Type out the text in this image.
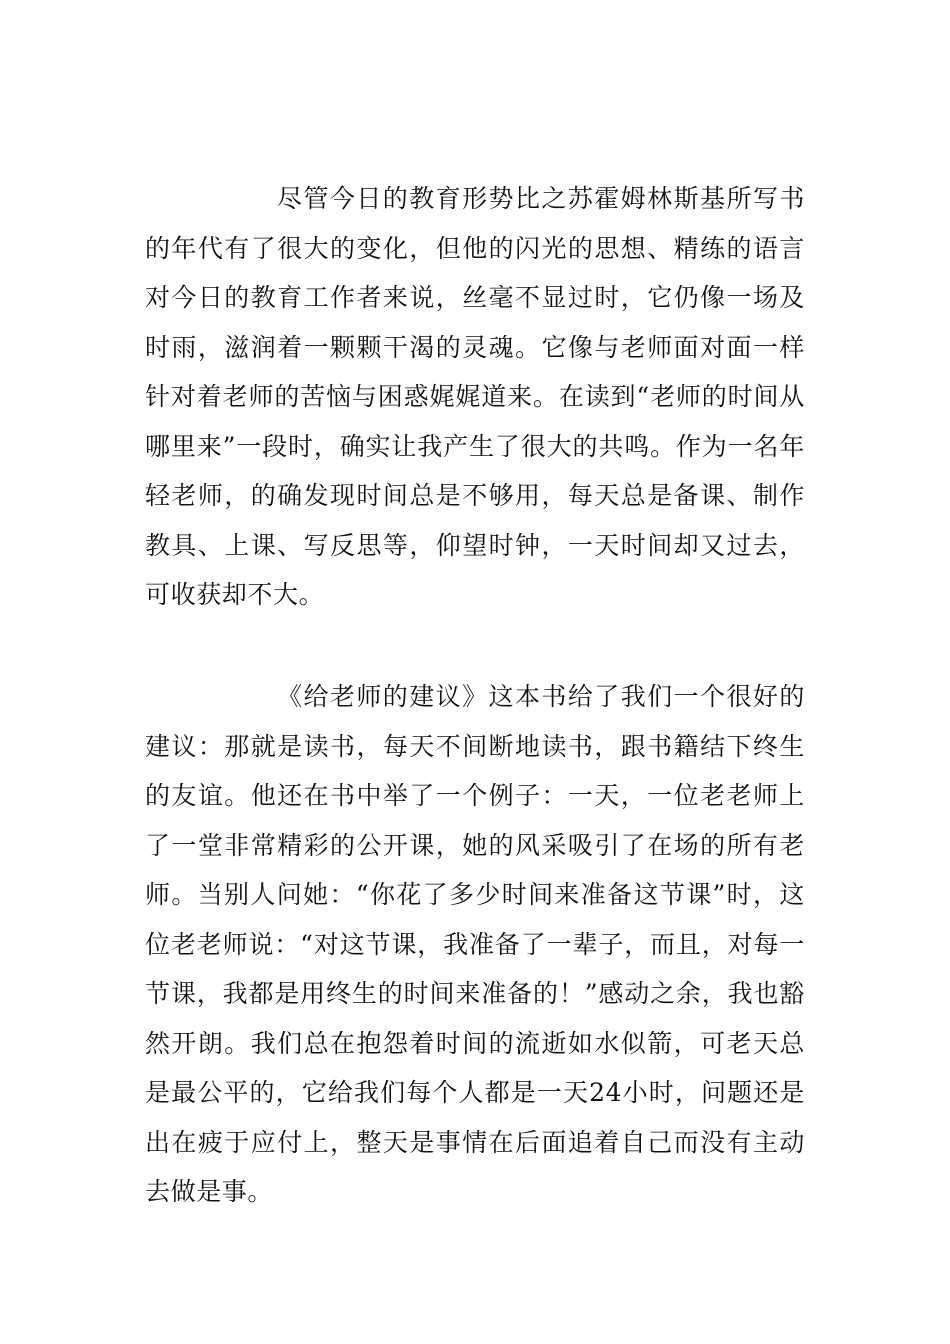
尽管今日的教育形势比之苏霍姆林斯基所写书的年代有了很大的变化，但他的闪光的思想、精练的语言对今日的教育工作者来说，丝毫不显过时，它仍像一场及时雨，滋润着一颗颗干渴的灵魂。它像与老师面对面一样针对着老师的苦恼与困惑娓娓道来。在读到“老师的时间从哪里来”一段时，确实让我产生了很大的共鸣。作为一名年轻老师，的确发现时间总是不够用，每天总是备课、制作教具、上课、写反思等，仰望时钟，一天时间却又过去，可收获却不大。

《给老师的建议》这本书给了我们一个很好的建议：那就是读书，每天不间断地读书，跟书籍结下终生的友谊。他还在书中举了一个例子：一天，一位老老师上了一堂非常精彩的公开课，她的风采吸引了在场的所有老师。当别人问她：“你花了多少时间来准备这节课”时，这位老老师说：“对这节课，我准备了一辈子，而且，对每一节课，我都是用终生的时间来准备的！”感动之余，我也豁然开朗。我们总在抱怨着时间的流逝如水似箭，可老天总是最公平的，它给我们每个人都是一天24小时，问题还是出在疲于应付上，整天是事情在后面追着自己而没有主动去做是事。
